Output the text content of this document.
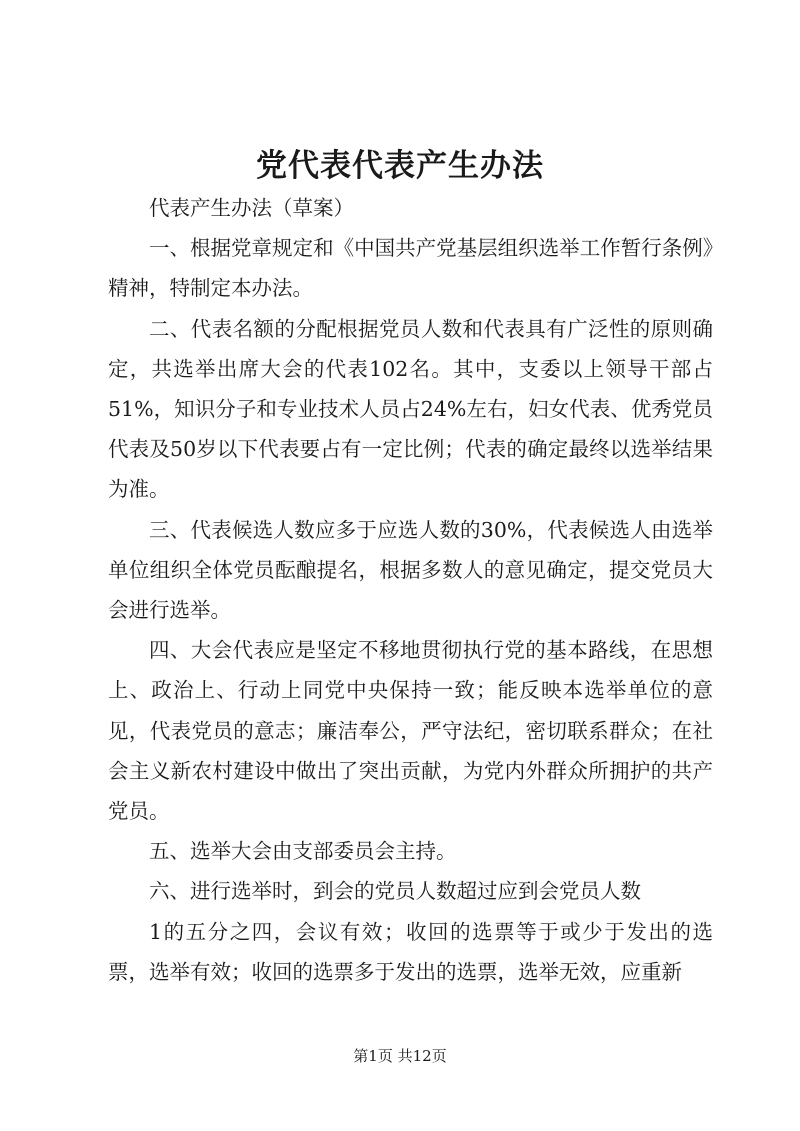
党代表代表产生办法

代表产生办法（草案）

一、根据党章规定和《中国共产党基层组织选举工作暂行条例》精神，特制定本办法。

二、代表名额的分配根据党员人数和代表具有广泛性的原则确定，共选举出席大会的代表102名。其中，支委以上领导干部占51%，知识分子和专业技术人员占24%左右，妇女代表、优秀党员代表及50岁以下代表要占有一定比例；代表的确定最终以选举结果为准。

三、代表候选人数应多于应选人数的30%，代表候选人由选举单位组织全体党员酝酿提名，根据多数人的意见确定，提交党员大会进行选举。

四、大会代表应是坚定不移地贯彻执行党的基本路线，在思想上、政治上、行动上同党中央保持一致；能反映本选举单位的意见，代表党员的意志；廉洁奉公，严守法纪，密切联系群众；在社会主义新农村建设中做出了突出贡献，为党内外群众所拥护的共产党员。

五、选举大会由支部委员会主持。

六、进行选举时，到会的党员人数超过应到会党员人数

1的五分之四，会议有效；收回的选票等于或少于发出的选票，选举有效；收回的选票多于发出的选票，选举无效，应重新

第1页 共12页
